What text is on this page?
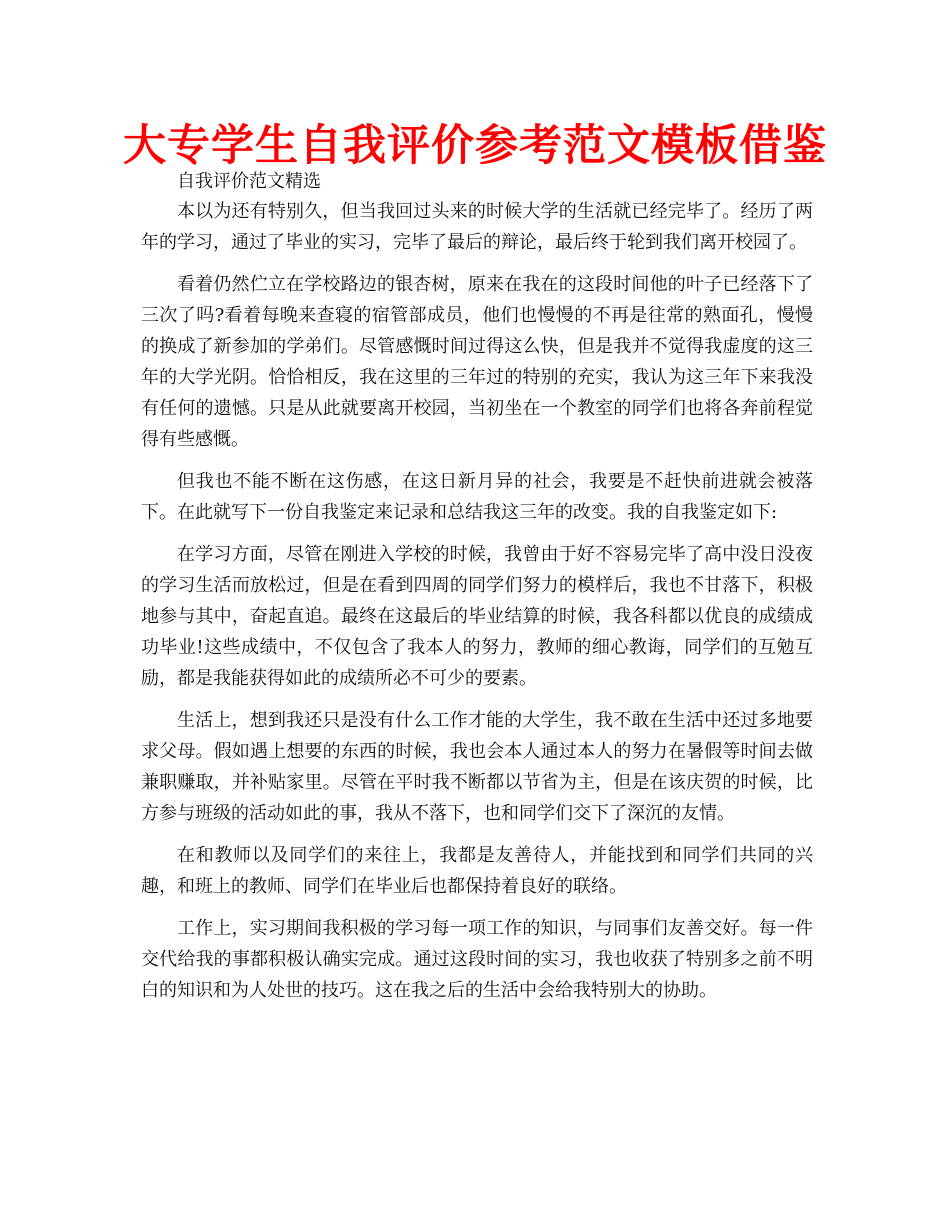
大专学生自我评价参考范文模板借鉴

自我评价范文精选

本以为还有特别久，但当我回过头来的时候大学的生活就已经完毕了。经历了两年的学习，通过了毕业的实习，完毕了最后的辩论，最后终于轮到我们离开校园了。

看着仍然伫立在学校路边的银杏树，原来在我在的这段时间他的叶子已经落下了三次了吗?看着每晚来查寝的宿管部成员，他们也慢慢的不再是往常的熟面孔，慢慢的换成了新参加的学弟们。尽管感慨时间过得这么快，但是我并不觉得我虚度的这三年的大学光阴。恰恰相反，我在这里的三年过的特别的充实，我认为这三年下来我没有任何的遗憾。只是从此就要离开校园，当初坐在一个教室的同学们也将各奔前程觉得有些感慨。

但我也不能不断在这伤感，在这日新月异的社会，我要是不赶快前进就会被落下。在此就写下一份自我鉴定来记录和总结我这三年的改变。我的自我鉴定如下:

在学习方面，尽管在刚进入学校的时候，我曾由于好不容易完毕了高中没日没夜的学习生活而放松过，但是在看到四周的同学们努力的模样后，我也不甘落下，积极地参与其中，奋起直追。最终在这最后的毕业结算的时候，我各科都以优良的成绩成功毕业!这些成绩中，不仅包含了我本人的努力，教师的细心教诲，同学们的互勉互励，都是我能获得如此的成绩所必不可少的要素。

生活上，想到我还只是没有什么工作才能的大学生，我不敢在生活中还过多地要求父母。假如遇上想要的东西的时候，我也会本人通过本人的努力在暑假等时间去做兼职赚取，并补贴家里。尽管在平时我不断都以节省为主，但是在该庆贺的时候，比方参与班级的活动如此的事，我从不落下，也和同学们交下了深沉的友情。

在和教师以及同学们的来往上，我都是友善待人，并能找到和同学们共同的兴趣，和班上的教师、同学们在毕业后也都保持着良好的联络。

工作上，实习期间我积极的学习每一项工作的知识，与同事们友善交好。每一件交代给我的事都积极认确实完成。通过这段时间的实习，我也收获了特别多之前不明白的知识和为人处世的技巧。这在我之后的生活中会给我特别大的协助。
